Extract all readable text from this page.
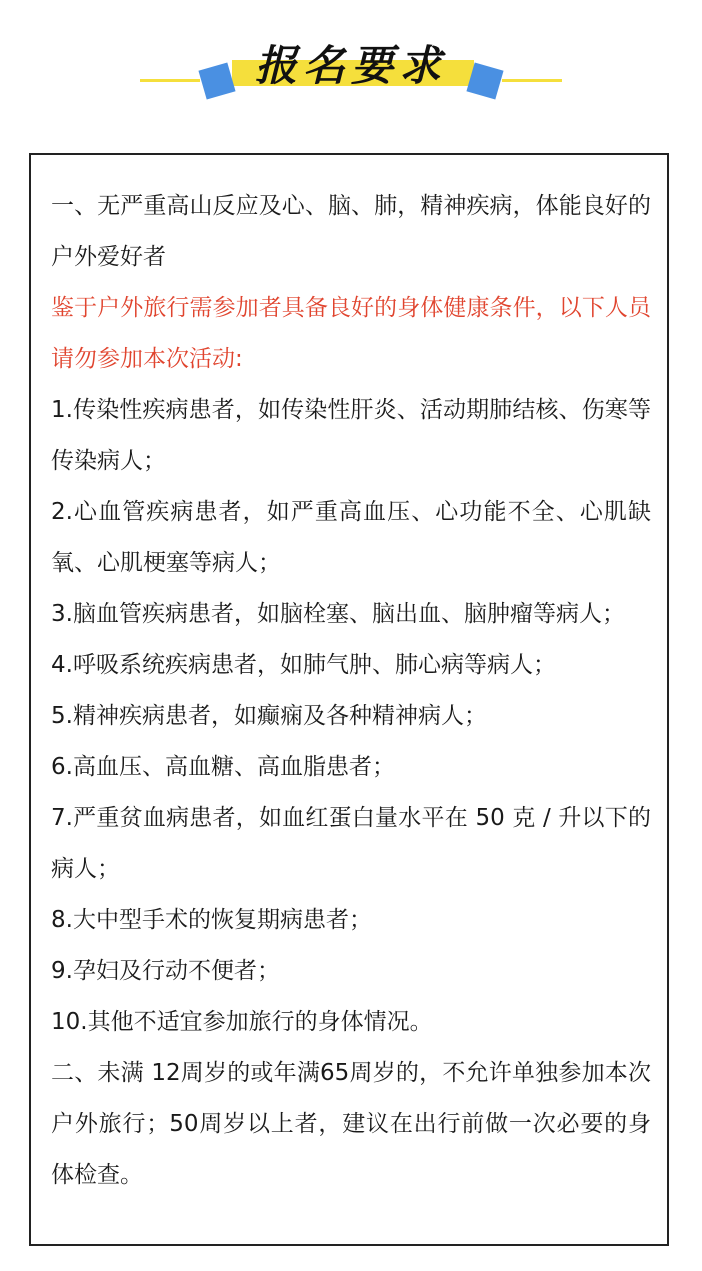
报名要求

一、无严重高山反应及心、脑、肺，精神疾病，体能良好的户外爱好者

鉴于户外旅行需参加者具备良好的身体健康条件，以下人员请勿参加本次活动:

1.传染性疾病患者，如传染性肝炎、活动期肺结核、伤寒等传染病人；

2.心血管疾病患者，如严重高血压、心功能不全、心肌缺氧、心肌梗塞等病人；

3.脑血管疾病患者，如脑栓塞、脑出血、脑肿瘤等病人；

4.呼吸系统疾病患者，如肺气肿、肺心病等病人；

5.精神疾病患者，如癫痫及各种精神病人；

6.高血压、高血糖、高血脂患者；

7.严重贫血病患者，如血红蛋白量水平在 50 克 / 升以下的病人；

8.大中型手术的恢复期病患者；

9.孕妇及行动不便者；

10.其他不适宜参加旅行的身体情况。

二、未满 12周岁的或年满65周岁的，不允许单独参加本次户外旅行；50周岁以上者，建议在出行前做一次必要的身体检查。
